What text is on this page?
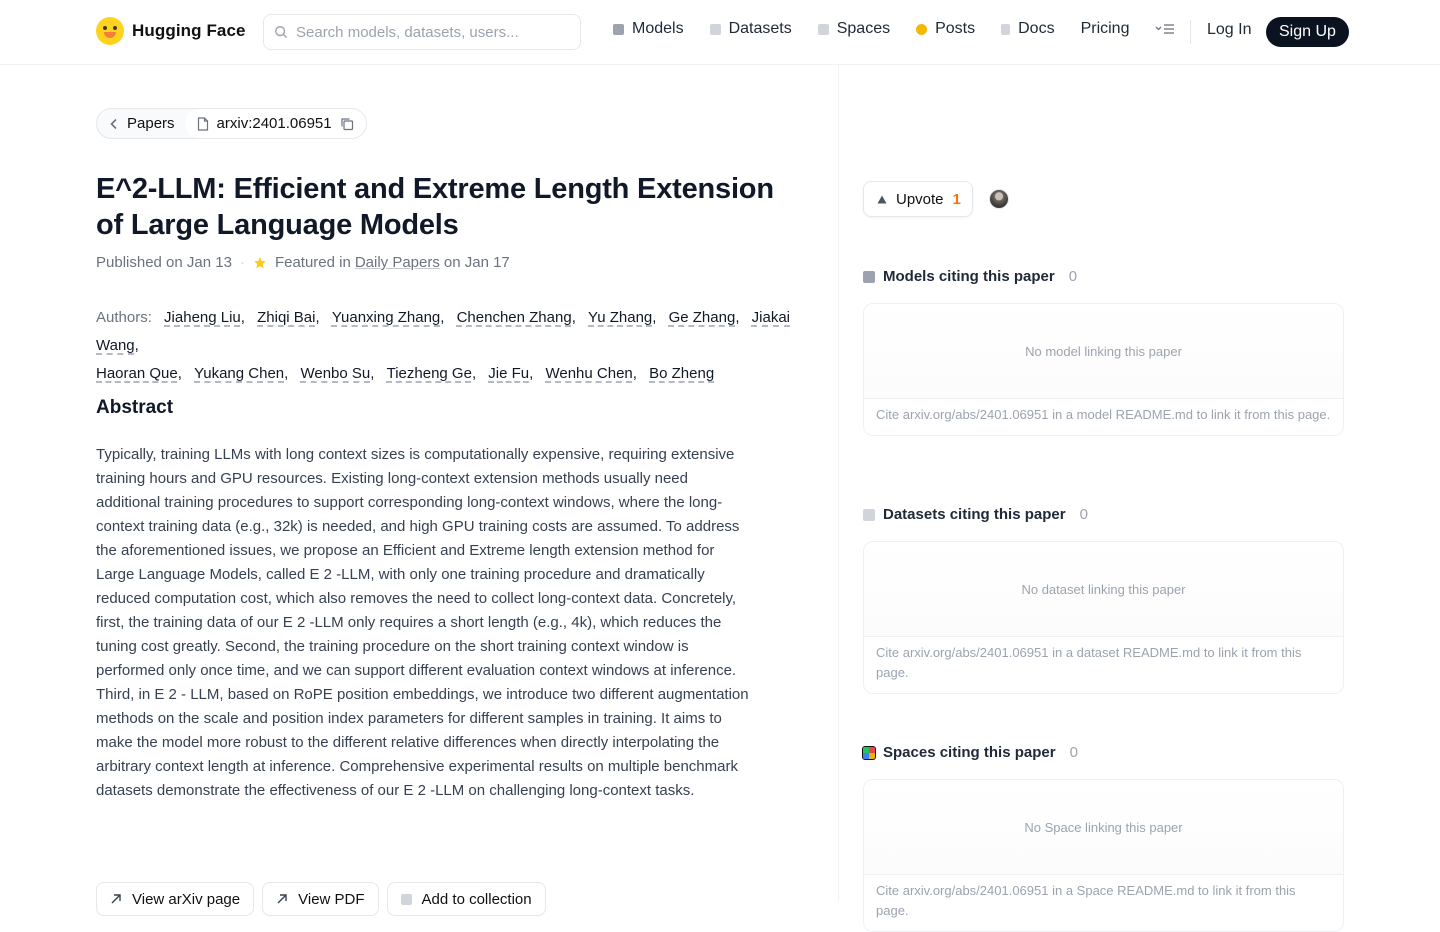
Hugging Face
Search models, datasets, users...	Models	Datasets	Spaces	Posts	Docs Pricing	Log In	Sign Up
Papers	arxiv:2401.06951
E^2-LLM: Efficient and Extreme Length Extension of Large Language Models
Published on Jan 13 · Featured in Daily Papers on Jan 17
Authors: Jiaheng Liu, Zhiqi Bai, Yuanxing Zhang, Chenchen Zhang, Yu Zhang, Ge Zhang, Jiakai Wang,
Haoran Que, Yukang Chen, Wenbo Su, Tiezheng Ge, Jie Fu, Wenhu Chen, Bo Zheng
Abstract

Typically, training LLMs with long context sizes is computationally expensive, requiring extensive training hours and GPU resources. Existing long-context extension methods usually need additional training procedures to support corresponding long-context windows, where the long-context training data (e.g., 32k) is needed, and high GPU training costs are assumed. To address the aforementioned issues, we propose an Efficient and Extreme length extension method for Large Language Models, called E 2 -LLM, with only one training procedure and dramatically reduced computation cost, which also removes the need to collect long-context data. Concretely, first, the training data of our E 2 -LLM only requires a short length (e.g., 4k), which reduces the tuning cost greatly. Second, the training procedure on the short training context window is performed only once time, and we can support different evaluation context windows at inference. Third, in E 2 - LLM, based on RoPE position embeddings, we introduce two different augmentation methods on the scale and position index parameters for different samples in training. It aims to make the model more robust to the different relative differences when directly interpolating the arbitrary context length at inference. Comprehensive experimental results on multiple benchmark datasets demonstrate the effectiveness of our E 2 -LLM on challenging long-context tasks.

View arXiv page	View PDF	Add to collection
Upvote 1
Models citing this paper 0
No model linking this paper
Cite arxiv.org/abs/2401.06951 in a model README.md to link it from this page.
Datasets citing this paper 0
No dataset linking this paper
Cite arxiv.org/abs/2401.06951 in a dataset README.md to link it from this page.
Spaces citing this paper 0
No Space linking this paper
Cite arxiv.org/abs/2401.06951 in a Space README.md to link it from this page.
